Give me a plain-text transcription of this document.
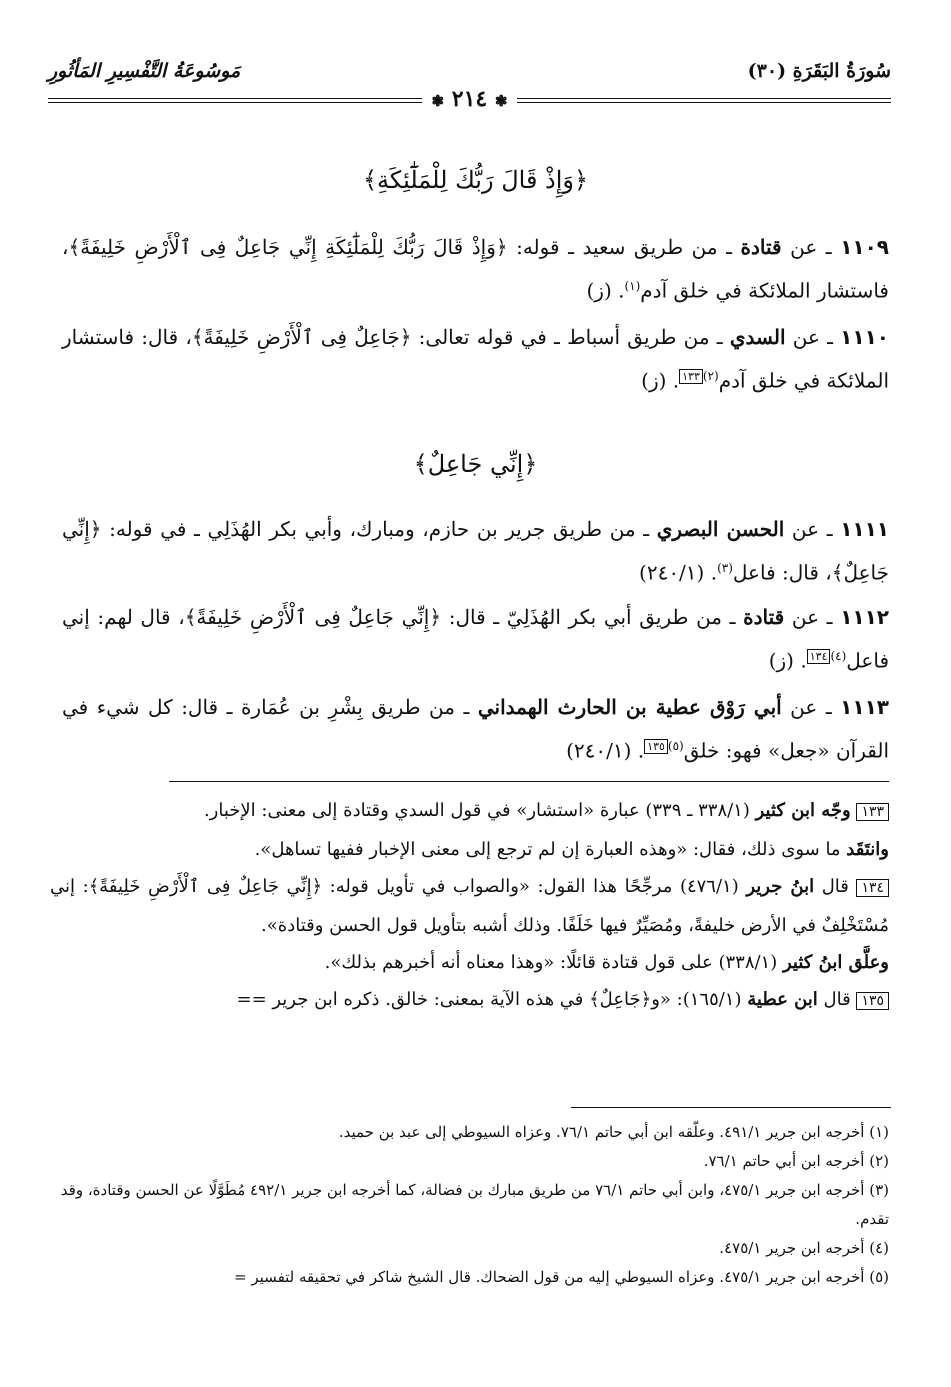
سُورَةُ البَقَرَةِ (٣٠)
مَوسُوعَةُ التَّفْسِيرِ المَأثُورِ
❃ ٢١٤ ❃
﴿وَإِذْ قَالَ رَبُّكَ لِلْمَلَٰٓئِكَةِ﴾
١١٠٩ ـ عن قتادة ـ من طريق سعيد ـ قوله: ﴿وَإِذْ قَالَ رَبُّكَ لِلْمَلَٰٓئِكَةِ إِنِّي جَاعِلٌ فِى ٱلْأَرْضِ خَلِيفَةً﴾، فاستشار الملائكة في خلق آدم$^{(١)}$. (ز)
١١١٠ ـ عن السدي ـ من طريق أسباط ـ في قوله تعالى: ﴿جَاعِلٌ فِى ٱلْأَرْضِ خَلِيفَةً﴾، قال: فاستشار الملائكة في خلق آدم$^{(٢)١٣٣}$. (ز)
﴿إِنِّي جَاعِلٌ﴾
١١١١ ـ عن الحسن البصري ـ من طريق جرير بن حازم، ومبارك، وأبي بكر الهُذَلِي ـ في قوله: ﴿إِنِّي جَاعِلٌ﴾، قال: فاعل$^{(٣)}$. (٢٤٠/١)
١١١٢ ـ عن قتادة ـ من طريق أبي بكر الهُذَلِيّ ـ قال: ﴿إِنِّي جَاعِلٌ فِى ٱلْأَرْضِ خَلِيفَةً﴾، قال لهم: إني فاعل$^{(٤)١٣٤}$. (ز)
١١١٣ ـ عن أبي رَوْق عطية بن الحارث الهمداني ـ من طريق بِشْرِ بن عُمَارة ـ قال: كل شيء في القرآن «جعل» فهو: خلق$^{(٥)١٣٥}$. (٢٤٠/١)

١٣٣ وجّه ابن كثير (٣٣٨/١ ـ ٣٣٩) عبارة «استشار» في قول السدي وقتادة إلى معنى: الإخبار.

وانتَقَد ما سوى ذلك، فقال: «وهذه العبارة إن لم ترجع إلى معنى الإخبار ففيها تساهل».

١٣٤ قال ابنُ جرير (٤٧٦/١) مرجِّحًا هذا القول: «والصواب في تأويل قوله: ﴿إِنِّي جَاعِلٌ فِى ٱلْأَرْضِ خَلِيفَةً﴾: إني مُسْتَخْلِفٌ في الأرض خليفةً، ومُصَيِّرٌ فيها خَلَفًا. وذلك أشبه بتأويل قول الحسن وقتادة».

وعلَّق ابنُ كثير (٣٣٨/١) على قول قتادة قائلًا: «وهذا معناه أنه أخبرهم بذلك».

١٣٥ قال ابن عطية (١٦٥/١): «و﴿جَاعِلٌ﴾ في هذه الآية بمعنى: خالق. ذكره ابن جرير ==

(١) أخرجه ابن جرير ٤٩١/١. وعلّقه ابن أبي حاتم ٧٦/١. وعزاه السيوطي إلى عبد بن حميد.

(٢) أخرجه ابن أبي حاتم ٧٦/١.

(٣) أخرجه ابن جرير ٤٧٥/١، وابن أبي حاتم ٧٦/١ من طريق مبارك بن فضالة، كما أخرجه ابن جرير ٤٩٢/١ مُطَوَّلًا عن الحسن وقتادة، وقد تقدم.

(٤) أخرجه ابن جرير ٤٧٥/١.

(٥) أخرجه ابن جرير ٤٧٥/١. وعزاه السيوطي إليه من قول الضحاك. قال الشيخ شاكر في تحقيقه لتفسير =
